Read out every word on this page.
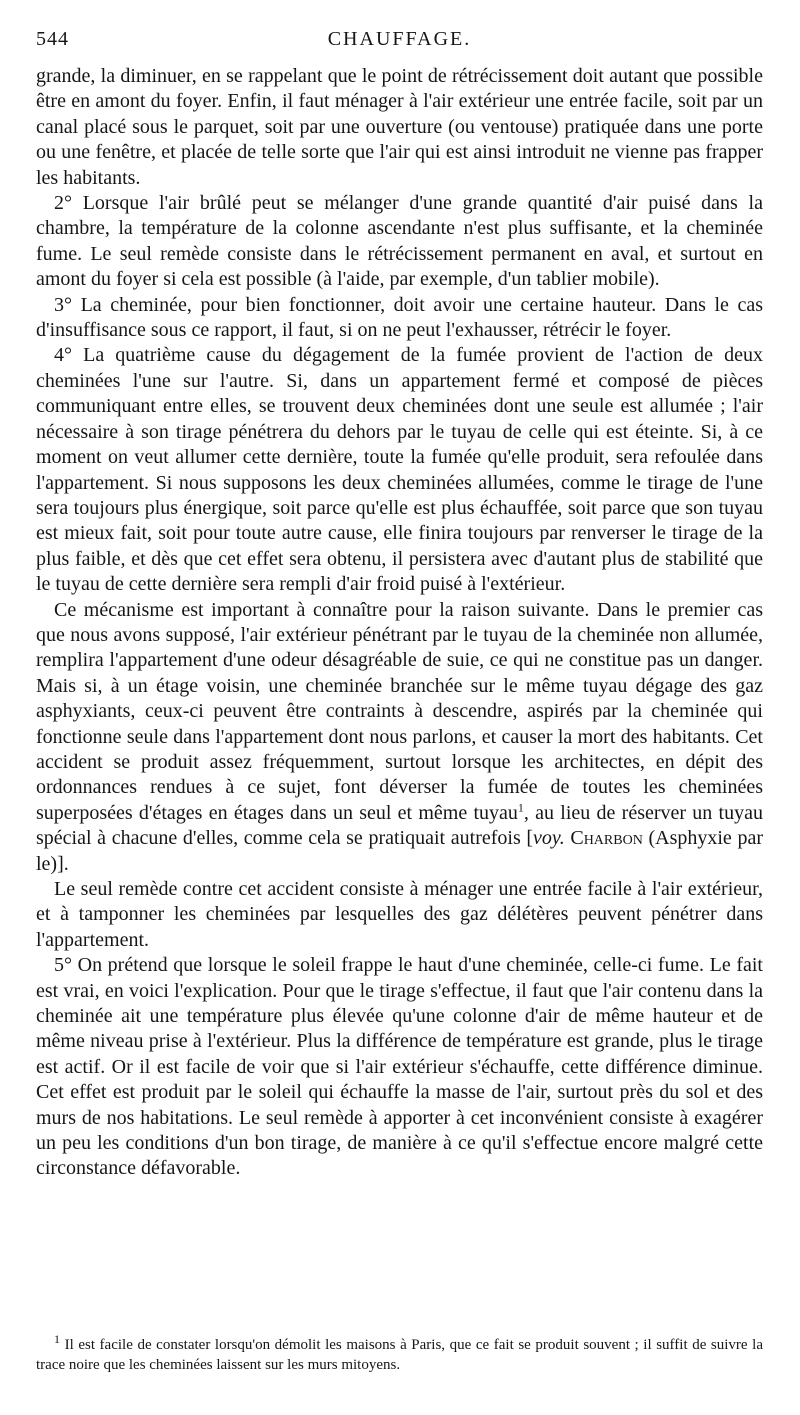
544	CHAUFFAGE.

grande, la diminuer, en se rappelant que le point de rétrécissement doit autant que possible être en amont du foyer. Enfin, il faut ménager à l'air extérieur une entrée facile, soit par un canal placé sous le parquet, soit par une ouverture (ou ventouse) pratiquée dans une porte ou une fenêtre, et placée de telle sorte que l'air qui est ainsi introduit ne vienne pas frapper les habitants.

2° Lorsque l'air brûlé peut se mélanger d'une grande quantité d'air puisé dans la chambre, la température de la colonne ascendante n'est plus suffisante, et la cheminée fume. Le seul remède consiste dans le rétrécissement permanent en aval, et surtout en amont du foyer si cela est possible (à l'aide, par exemple, d'un tablier mobile).

3° La cheminée, pour bien fonctionner, doit avoir une certaine hauteur. Dans le cas d'insuffisance sous ce rapport, il faut, si on ne peut l'exhausser, rétrécir le foyer.

4° La quatrième cause du dégagement de la fumée provient de l'action de deux cheminées l'une sur l'autre. Si, dans un appartement fermé et composé de pièces communiquant entre elles, se trouvent deux cheminées dont une seule est allumée ; l'air nécessaire à son tirage pénétrera du dehors par le tuyau de celle qui est éteinte. Si, à ce moment on veut allumer cette dernière, toute la fumée qu'elle produit, sera refoulée dans l'appartement. Si nous supposons les deux cheminées allumées, comme le tirage de l'une sera toujours plus énergique, soit parce qu'elle est plus échauffée, soit parce que son tuyau est mieux fait, soit pour toute autre cause, elle finira toujours par renverser le tirage de la plus faible, et dès que cet effet sera obtenu, il persistera avec d'autant plus de stabilité que le tuyau de cette dernière sera rempli d'air froid puisé à l'extérieur.

Ce mécanisme est important à connaître pour la raison suivante. Dans le premier cas que nous avons supposé, l'air extérieur pénétrant par le tuyau de la cheminée non allumée, remplira l'appartement d'une odeur désagréable de suie, ce qui ne constitue pas un danger. Mais si, à un étage voisin, une cheminée branchée sur le même tuyau dégage des gaz asphyxiants, ceux-ci peuvent être contraints à descendre, aspirés par la cheminée qui fonctionne seule dans l'appartement dont nous parlons, et causer la mort des habitants. Cet accident se produit assez fréquemment, surtout lorsque les architectes, en dépit des ordonnances rendues à ce sujet, font déverser la fumée de toutes les cheminées superposées d'étages en étages dans un seul et même tuyau$^1$, au lieu de réserver un tuyau spécial à chacune d'elles, comme cela se pratiquait autrefois [voy. Charbon (Asphyxie par le)].

Le seul remède contre cet accident consiste à ménager une entrée facile à l'air extérieur, et à tamponner les cheminées par lesquelles des gaz délétères peuvent pénétrer dans l'appartement.

5° On prétend que lorsque le soleil frappe le haut d'une cheminée, celle-ci fume. Le fait est vrai, en voici l'explication. Pour que le tirage s'effectue, il faut que l'air contenu dans la cheminée ait une température plus élevée qu'une colonne d'air de même hauteur et de même niveau prise à l'extérieur. Plus la différence de température est grande, plus le tirage est actif. Or il est facile de voir que si l'air extérieur s'échauffe, cette différence diminue. Cet effet est produit par le soleil qui échauffe la masse de l'air, surtout près du sol et des murs de nos habitations. Le seul remède à apporter à cet inconvénient consiste à exagérer un peu les conditions d'un bon tirage, de manière à ce qu'il s'effectue encore malgré cette circonstance défavorable.

$^1$ Il est facile de constater lorsqu'on démolit les maisons à Paris, que ce fait se produit souvent ; il suffit de suivre la trace noire que les cheminées laissent sur les murs mitoyens.
